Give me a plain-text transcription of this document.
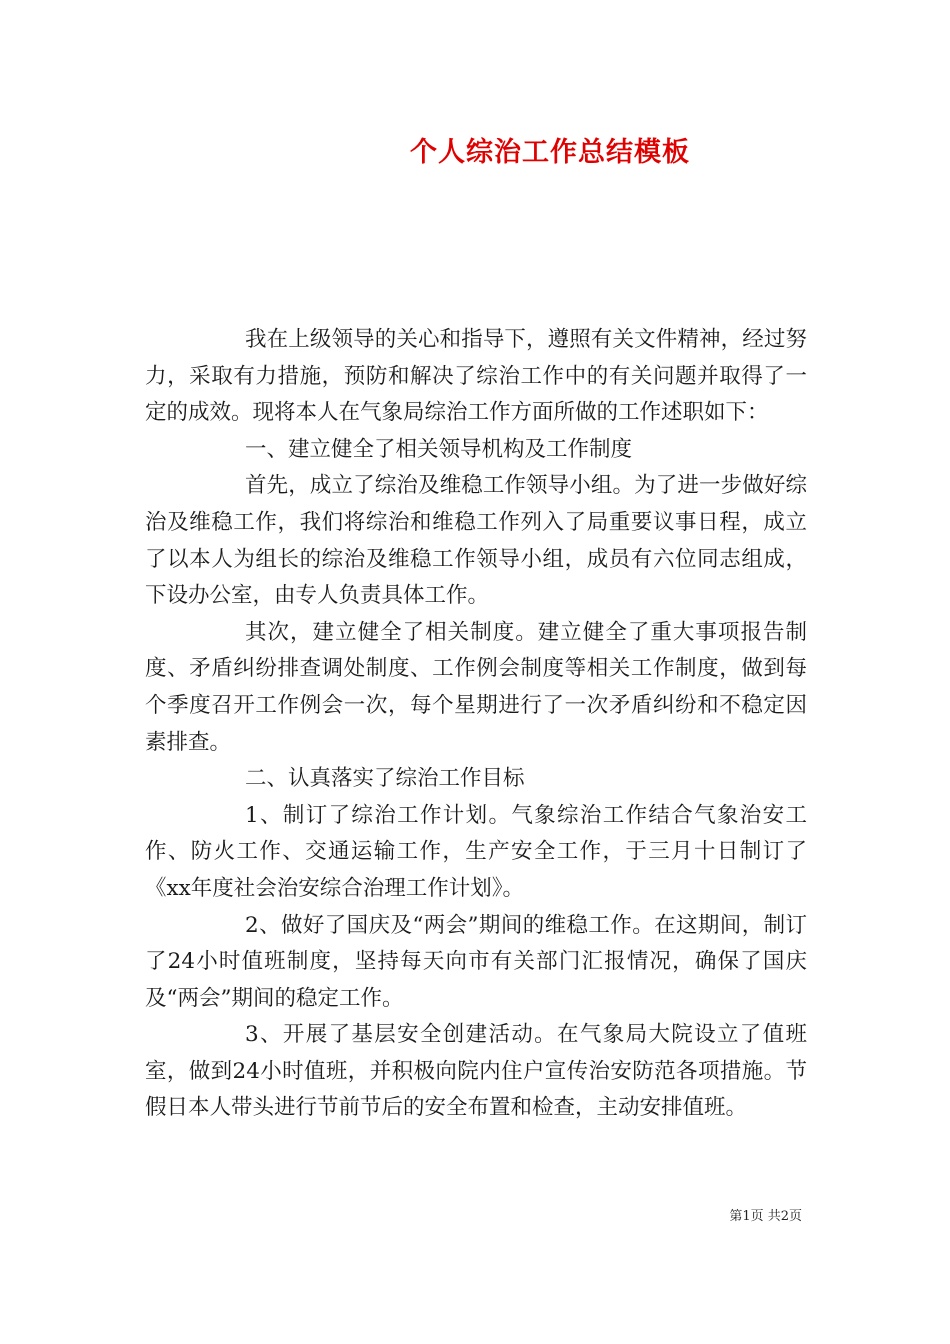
个人综治工作总结模板

我在上级领导的关心和指导下，遵照有关文件精神，经过努力，采取有力措施，预防和解决了综治工作中的有关问题并取得了一定的成效。现将本人在气象局综治工作方面所做的工作述职如下：

一、建立健全了相关领导机构及工作制度

首先，成立了综治及维稳工作领导小组。为了进一步做好综治及维稳工作，我们将综治和维稳工作列入了局重要议事日程，成立了以本人为组长的综治及维稳工作领导小组，成员有六位同志组成，下设办公室，由专人负责具体工作。

其次，建立健全了相关制度。建立健全了重大事项报告制度、矛盾纠纷排查调处制度、工作例会制度等相关工作制度，做到每个季度召开工作例会一次，每个星期进行了一次矛盾纠纷和不稳定因素排查。

二、认真落实了综治工作目标

1、制订了综治工作计划。气象综治工作结合气象治安工作、防火工作、交通运输工作，生产安全工作，于三月十日制订了《xx年度社会治安综合治理工作计划》。

2、做好了国庆及“两会”期间的维稳工作。在这期间，制订了24小时值班制度，坚持每天向市有关部门汇报情况，确保了国庆及“两会”期间的稳定工作。

3、开展了基层安全创建活动。在气象局大院设立了值班室，做到24小时值班，并积极向院内住户宣传治安防范各项措施。节假日本人带头进行节前节后的安全布置和检查，主动安排值班。

第1页 共2页
